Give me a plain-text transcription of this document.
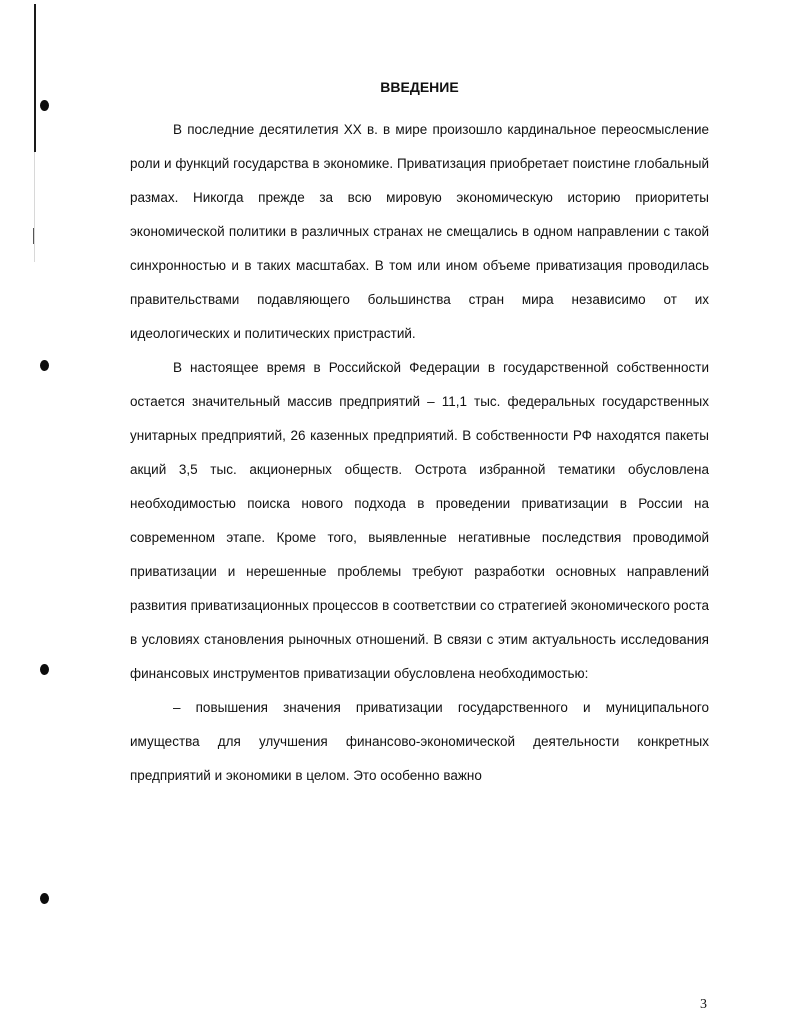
ВВЕДЕНИЕ

В последние десятилетия XX в. в мире произошло кардинальное переосмысление роли и функций государства в экономике. Приватизация приобретает поистине глобальный размах. Никогда прежде за всю мировую экономическую историю приоритеты экономической политики в различных странах не смещались в одном направлении с такой синхронностью и в таких масштабах. В том или ином объеме приватизация проводилась правительствами подавляющего большинства стран мира независимо от их идеологических и политических пристрастий.

В настоящее время в Российской Федерации в государственной собственности остается значительный массив предприятий – 11,1 тыс. федеральных государственных унитарных предприятий, 26 казенных предприятий. В собственности РФ находятся пакеты акций 3,5 тыс. акционерных обществ. Острота избранной тематики обусловлена необходимостью поиска нового подхода в проведении приватизации в России на современном этапе. Кроме того, выявленные негативные последствия проводимой приватизации и нерешенные проблемы требуют разработки основных направлений развития приватизационных процессов в соответствии со стратегией экономического роста в условиях становления рыночных отношений. В связи с этим актуальность исследования финансовых инструментов приватизации обусловлена необходимостью:

– повышения значения приватизации государственного и муниципального имущества для улучшения финансово-экономической деятельности конкретных предприятий и экономики в целом. Это особенно важно

3
